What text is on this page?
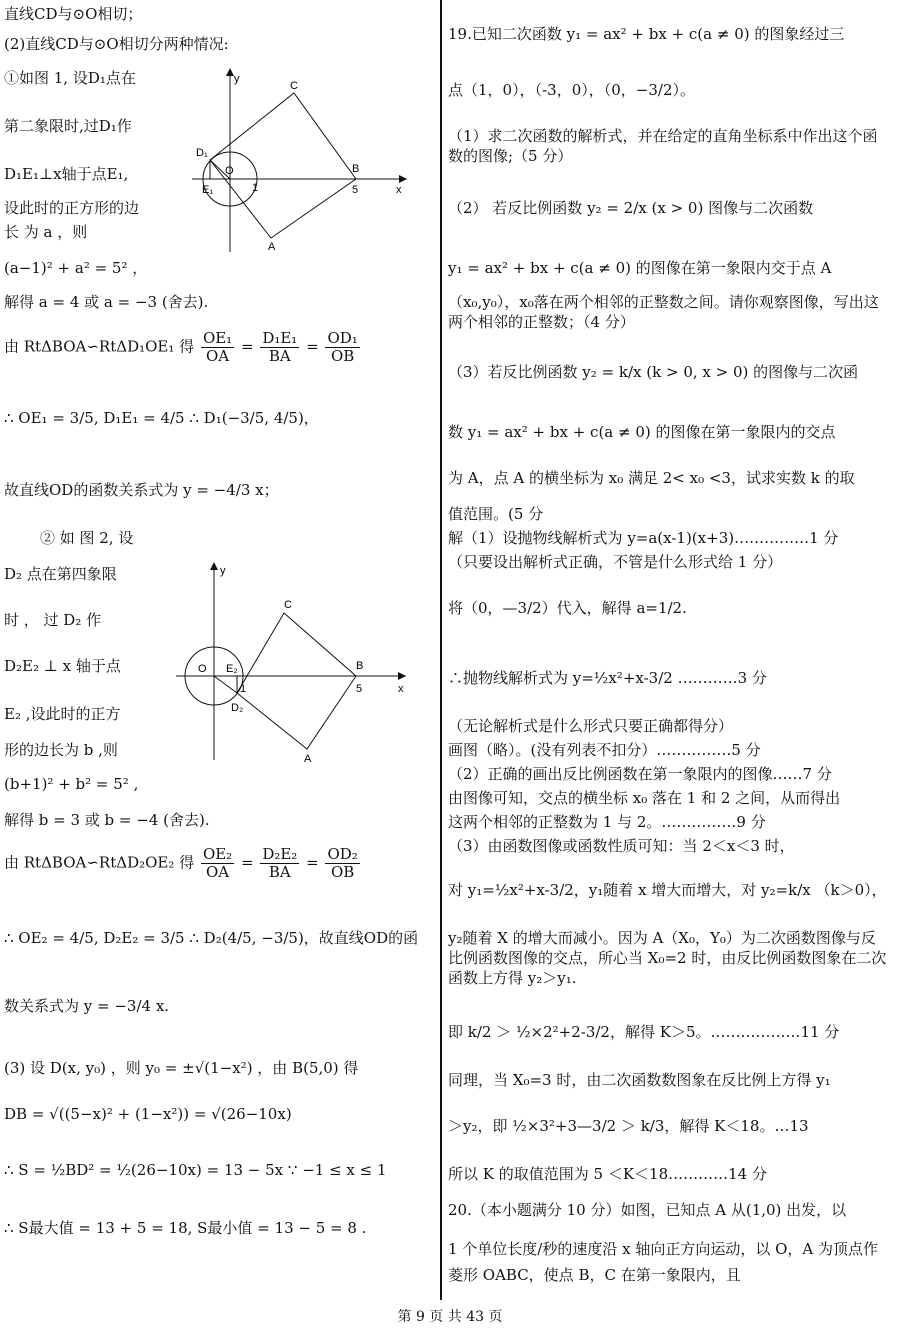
直线CD与⊙O相切；
(2)直线CD与⊙O相切分两种情况:
①如图 1, 设D₁点在
第二象限时,过D₁作
D₁E₁⊥x轴于点E₁,
设此时的正方形的边
长 为 a ，则
(a−1)² + a² = 5² ，
解得 a = 4 或 a = −3 (舍去).
由 RtΔBOA∽RtΔD₁OE₁ 得 $\frac{\text{OE₁}}{OA} = \frac{\text{D₁E₁}}{BA} = \frac{\text{OD₁}}{OB}$
∴ OE₁ = 3/5, D₁E₁ = 4/5 ∴ D₁(−3/5, 4/5)，
故直线OD的函数关系式为 y = −4/3 x；
② 如 图 2, 设
D₂ 点在第四象限
时 ， 过 D₂ 作
D₂E₂ ⊥ x 轴于点
E₂ ,设此时的正方
形的边长为 b ,则
(b+1)² + b² = 5² ,
解得 b = 3 或 b = −4 (舍去).
由 RtΔBOA∽RtΔD₂OE₂ 得 $\frac{\text{OE₂}}{OA} = \frac{\text{D₂E₂}}{BA} = \frac{\text{OD₂}}{OB}$
∴ OE₂ = 4/5, D₂E₂ = 3/5 ∴ D₂(4/5, −3/5)，故直线OD的函
数关系式为 y = −3/4 x.
(3) 设 D(x, y₀) ，则 y₀ = ±√(1−x²) ，由 B(5,0) 得
DB = √((5−x)² + (1−x²)) = √(26−10x)
∴ S = ½BD² = ½(26−10x) = 13 − 5x ∵ −1 ≤ x ≤ 1
∴ S最大值 = 13 + 5 = 18, S最小值 = 13 − 5 = 8 .
y
x
C
D₁
O
E₁	1
B
5
A
y
x
C
O E₂
1
D₂
B
5
A
19.已知二次函数 y₁ = ax² + bx + c(a ≠ 0) 的图象经过三
点（1，0），（-3，0），（0，−3/2）。
（1）求二次函数的解析式，并在给定的直角坐标系中作出这个函数的图像;（5 分）
（2） 若反比例函数 y₂ = 2/x (x > 0) 图像与二次函数
y₁ = ax² + bx + c(a ≠ 0) 的图像在第一象限内交于点 A
（x₀,y₀），x₀落在两个相邻的正整数之间。请你观察图像，写出这两个相邻的正整数；（4 分）
（3）若反比例函数 y₂ = k/x (k > 0, x > 0) 的图像与二次函
数 y₁ = ax² + bx + c(a ≠ 0) 的图像在第一象限内的交点
为 A，点 A 的横坐标为 x₀ 满足 2< x₀ <3，试求实数 k 的取
值范围。(5 分
解（1）设抛物线解析式为 y=a(x-1)(x+3)……………1 分
（只要设出解析式正确，不管是什么形式给 1 分）
将（0，—3/2）代入，解得 a=1/2.
∴抛物线解析式为 y=½x²+x-3/2 …………3 分
（无论解析式是什么形式只要正确都得分）
画图（略）。(没有列表不扣分）……………5 分
（2）正确的画出反比例函数在第一象限内的图像……7 分
由图像可知，交点的横坐标 x₀ 落在 1 和 2 之间，从而得出
这两个相邻的正整数为 1 与 2。……………9 分
（3）由函数图像或函数性质可知：当 2＜x＜3 时，
对 y₁=½x²+x-3/2，y₁随着 x 增大而增大，对 y₂=k/x （k＞0），
y₂随着 X 的增大而减小。因为 A（X₀，Y₀）为二次函数图像与反比例函数图像的交点，所心当 X₀=2 时，由反比例函数图象在二次函数上方得 y₂＞y₁.
即 k/2 ＞ ½×2²+2-3/2，解得 K＞5。………………11 分
同理，当 X₀=3 时，由二次函数数图象在反比例上方得 y₁
＞y₂，即 ½×3²+3—3/2 ＞ k/3，解得 K＜18。…13
所以 K 的取值范围为 5 ＜K＜18…………14 分
20.（本小题满分 10 分）如图，已知点 A 从(1,0) 出发，以
1 个单位长度/秒的速度沿 x 轴向正方向运动，以 O，A 为顶点作菱形 OABC，使点 B，C 在第一象限内，且
第 9 页 共 43 页
